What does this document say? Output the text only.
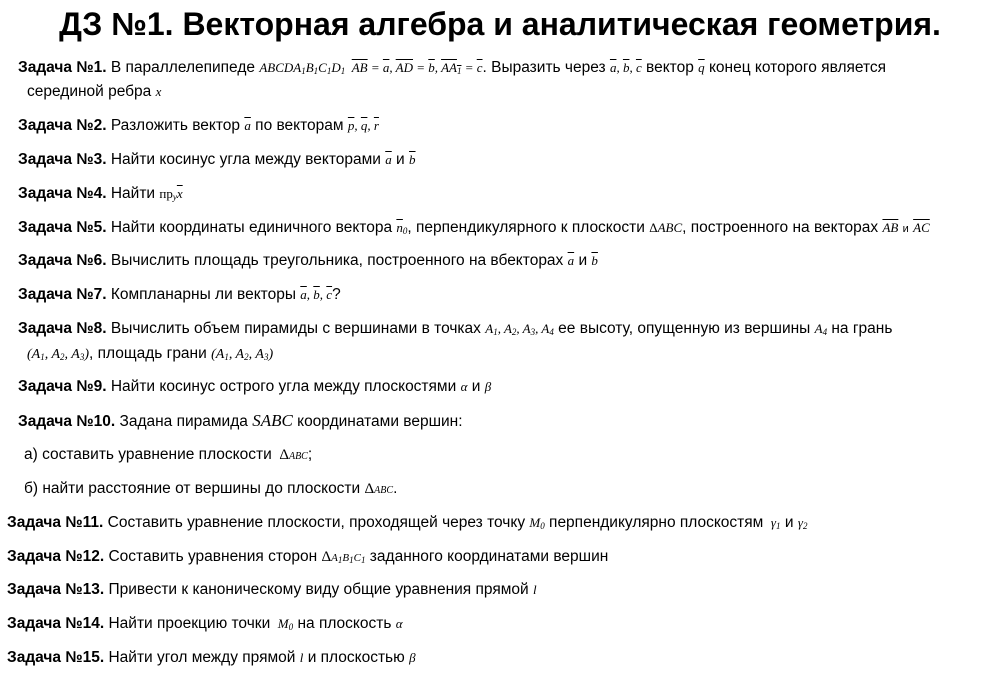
ДЗ №1. Векторная алгебра и аналитическая геометрия.
Задача №1. В параллелепипеде $ABCDA_1B_1C_1D_1$ $\overline{AB} = \overline{a}$, $\overline{AD} = \overline{b}$, $AA_1 = \overline{c}$. Выразить через $\overline{a}$, $\overline{b}$, $\overline{c}$ вектор $\overline{q}$ конец которого является
серединой ребра x
Задача №2. Разложить вектор $\overline{a}$ по векторам $\overline{p}$, $\overline{q}$, $\overline{r}$
Задача №3. Найти косинус угла между векторами $\overline{a}$ и $\overline{b}$
Задача №4. Найти $пр_y\overline{x}$
Задача №5. Найти координаты единичного вектора $\overline{n}_0$, перпендикулярного к плоскости ΔABC, построенного на векторах $\overline{AB}$ и $\overline{AC}$
Задача №6. Вычислить площадь треугольника, построенного на вбекторах $\overline{a}$ и $\overline{b}$
Задача №7. Компланарны ли векторы $\overline{a}$, $\overline{b}$, $\overline{c}$?
Задача №8. Вычислить объем пирамиды с вершинами в точках $A_1$, $A_2$, $A_3$, $A_4$ ее высоту, опущенную из вершины $A_4$ на грань
($A_1$, $A_2$, $A_3$), площадь грани ($A_1$, $A_2$, $A_3$)
Задача №9. Найти косинус острого угла между плоскостями α и β
Задача №10. Задана пирамида SABC координатами вершин:
а) составить уравнение плоскости ΔABC;
б) найти расстояние от вершины до плоскости ΔABC.
Задача №11. Составить уравнение плоскости, проходящей через точку $M_0$ перпендикулярно плоскостям  $\gamma_1$ и $\gamma_2$
Задача №12. Составить уравнения сторон $\Delta A_1B_1C_1$ заданного координатами вершин
Задача №13. Привести к каноническому виду общие уравнения прямой l
Задача №14. Найти проекцию точки  $M_0$ на плоскость α
Задача №15. Найти угол между прямой l и плоскостью β
